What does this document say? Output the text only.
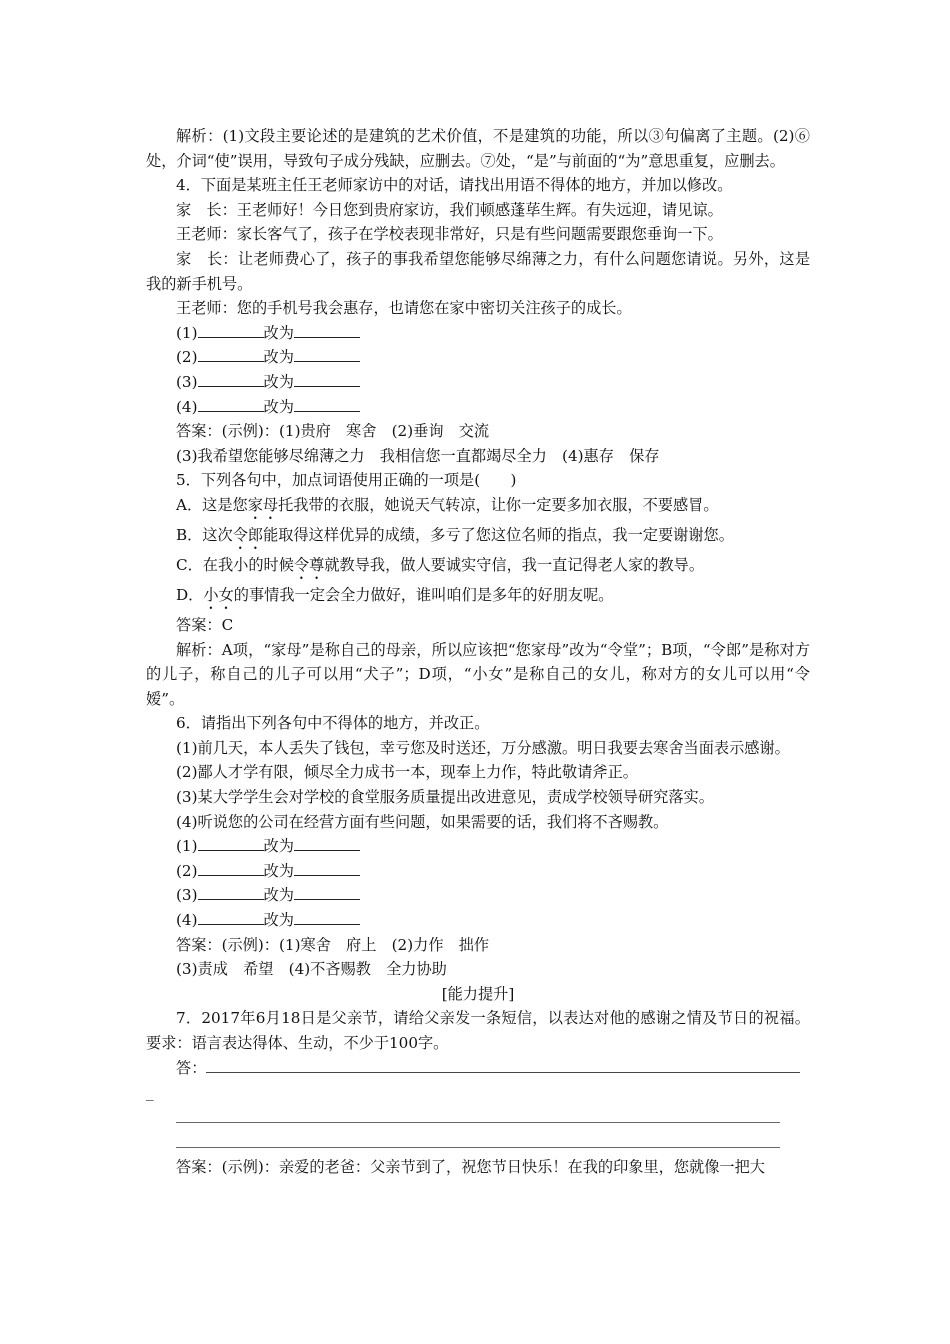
解析：(1)文段主要论述的是建筑的艺术价值，不是建筑的功能，所以③句偏离了主题。(2)⑥处，介词“使”误用，导致句子成分残缺，应删去。⑦处，“是”与前面的“为”意思重复，应删去。

4．下面是某班主任王老师家访中的对话，请找出用语不得体的地方，并加以修改。

家　长：王老师好！今日您到贵府家访，我们顿感蓬荜生辉。有失远迎，请见谅。

王老师：家长客气了，孩子在学校表现非常好，只是有些问题需要跟您垂询一下。

家　长：让老师费心了，孩子的事我希望您能够尽绵薄之力，有什么问题您请说。另外，这是我的新手机号。

王老师：您的手机号我会惠存，也请您在家中密切关注孩子的成长。

(1)	改为

(2)	改为

(3)	改为

(4)	改为

答案：(示例)：(1)贵府　寒舍　(2)垂询　交流

(3)我希望您能够尽绵薄之力　我相信您一直都竭尽全力　(4)惠存　保存

5．下列各句中，加点词语使用正确的一项是(　　)

A．这是您家母托我带的衣服，她说天气转凉，让你一定要多加衣服，不要感冒。

B．这次令郎能取得这样优异的成绩，多亏了您这位名师的指点，我一定要谢谢您。

C．在我小的时候令尊就教导我，做人要诚实守信，我一直记得老人家的教导。

D．小女的事情我一定会全力做好，谁叫咱们是多年的好朋友呢。

答案：C

解析：A项，“家母”是称自己的母亲，所以应该把“您家母”改为“令堂”；B项，“令郎”是称对方的儿子，称自己的儿子可以用“犬子”；D项，“小女”是称自己的女儿，称对方的女儿可以用“令嫒”。

6．请指出下列各句中不得体的地方，并改正。

(1)前几天，本人丢失了钱包，幸亏您及时送还，万分感激。明日我要去寒舍当面表示感谢。

(2)鄙人才学有限，倾尽全力成书一本，现奉上力作，特此敬请斧正。

(3)某大学学生会对学校的食堂服务质量提出改进意见，责成学校领导研究落实。

(4)听说您的公司在经营方面有些问题，如果需要的话，我们将不吝赐教。

(1)	改为

(2)	改为

(3)	改为

(4)	改为

答案：(示例)：(1)寒舍　府上　(2)力作　拙作

(3)责成　希望　(4)不吝赐教　全力协助

[能力提升]

7．2017年6月18日是父亲节，请给父亲发一条短信，以表达对他的感谢之情及节日的祝福。要求：语言表达得体、生动，不少于100字。

答：

_

答案：(示例)：亲爱的老爸：父亲节到了，祝您节日快乐！在我的印象里，您就像一把大
